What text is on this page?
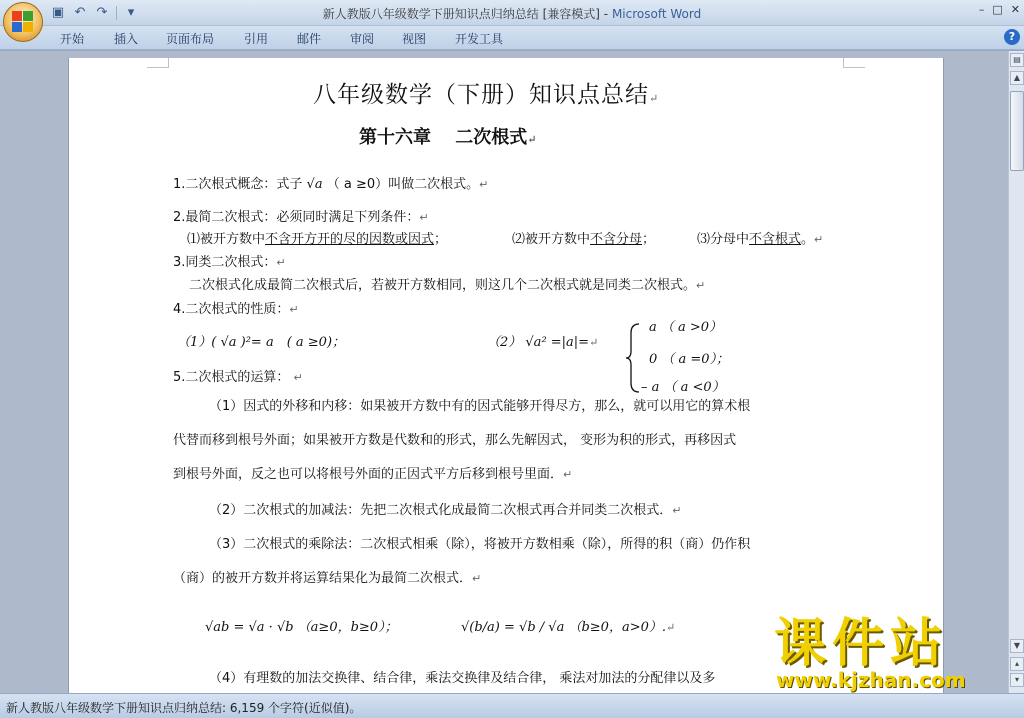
▣ ↶ ↷	▾	新人教版八年级数学下册知识点归纳总结 [兼容模式] - Microsoft Word	– □ ✕
开始 插入 页面布局 引用 邮件 审阅 视图 开发工具	?
八年级数学（下册）知识点总结↵
第十六章　 二次根式↵
1.二次根式概念：式子 √a （ a ≥0）叫做二次根式。↵
2.最简二次根式：必须同时满足下列条件：↵
⑴被开方数中不含开方开的尽的因数或因式；	⑵被开方数中不含分母；	⑶分母中不含根式。↵
3.同类二次根式：↵
二次根式化成最简二次根式后，若被开方数相同，则这几个二次根式就是同类二次根式。↵
4.二次根式的性质：↵
（1）( √a )²= a　( a ≥0)；	（2） √a² =|a|=↵
a （ a >0）
0 （ a =0）；
– a （ a <0）
5.二次根式的运算： ↵
（1）因式的外移和内移：如果被开方数中有的因式能够开得尽方，那么，就可以用它的算术根
代替而移到根号外面；如果被开方数是代数和的形式，那么先解因式， 变形为积的形式，再移因式
到根号外面，反之也可以将根号外面的正因式平方后移到根号里面．↵
（2）二次根式的加减法：先把二次根式化成最简二次根式再合并同类二次根式．↵
（3）二次根式的乘除法：二次根式相乘（除），将被开方数相乘（除），所得的积（商）仍作积
（商）的被开方数并将运算结果化为最简二次根式．↵
√ab = √a · √b （a≥0，b≥0）；	√(b/a) = √b / √a （b≥0，a>0）.↵
（4）有理数的加法交换律、结合律，乘法交换律及结合律， 乘法对加法的分配律以及多
▤
▲
▼
▴
▾
新人教版八年级数学下册知识点归纳总结: 6,159 个字符(近似值)。
课件站
www.kjzhan.com
